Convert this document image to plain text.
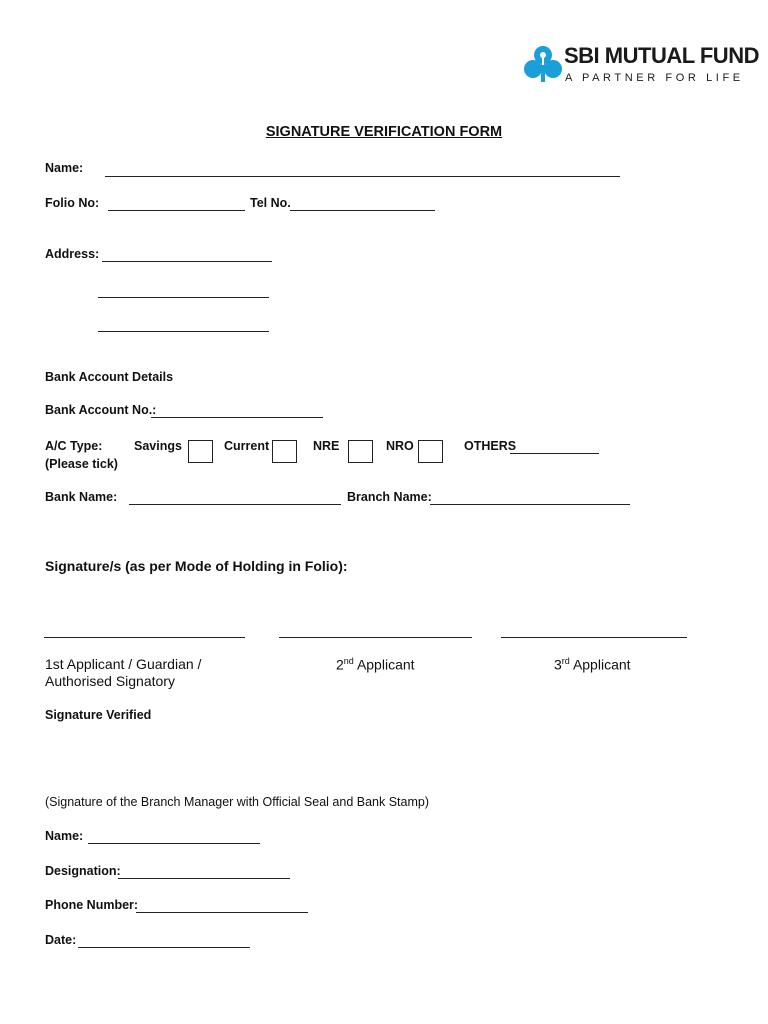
SBI MUTUAL FUND
A PARTNER FOR LIFE
SIGNATURE VERIFICATION FORM
Name:
Folio No:	Tel No.
Address:
Bank Account Details
Bank Account No.:
A/C Type:
(Please tick)
Savings	Current	NRE	NRO	OTHERS
Bank Name:	Branch Name:
Signature/s (as per Mode of Holding in Folio):
1st Applicant / Guardian /
Authorised Signatory
2nd Applicant	3rd Applicant
Signature Verified
(Signature of the Branch Manager with Official Seal and Bank Stamp)
Name:
Designation:
Phone Number:
Date:
